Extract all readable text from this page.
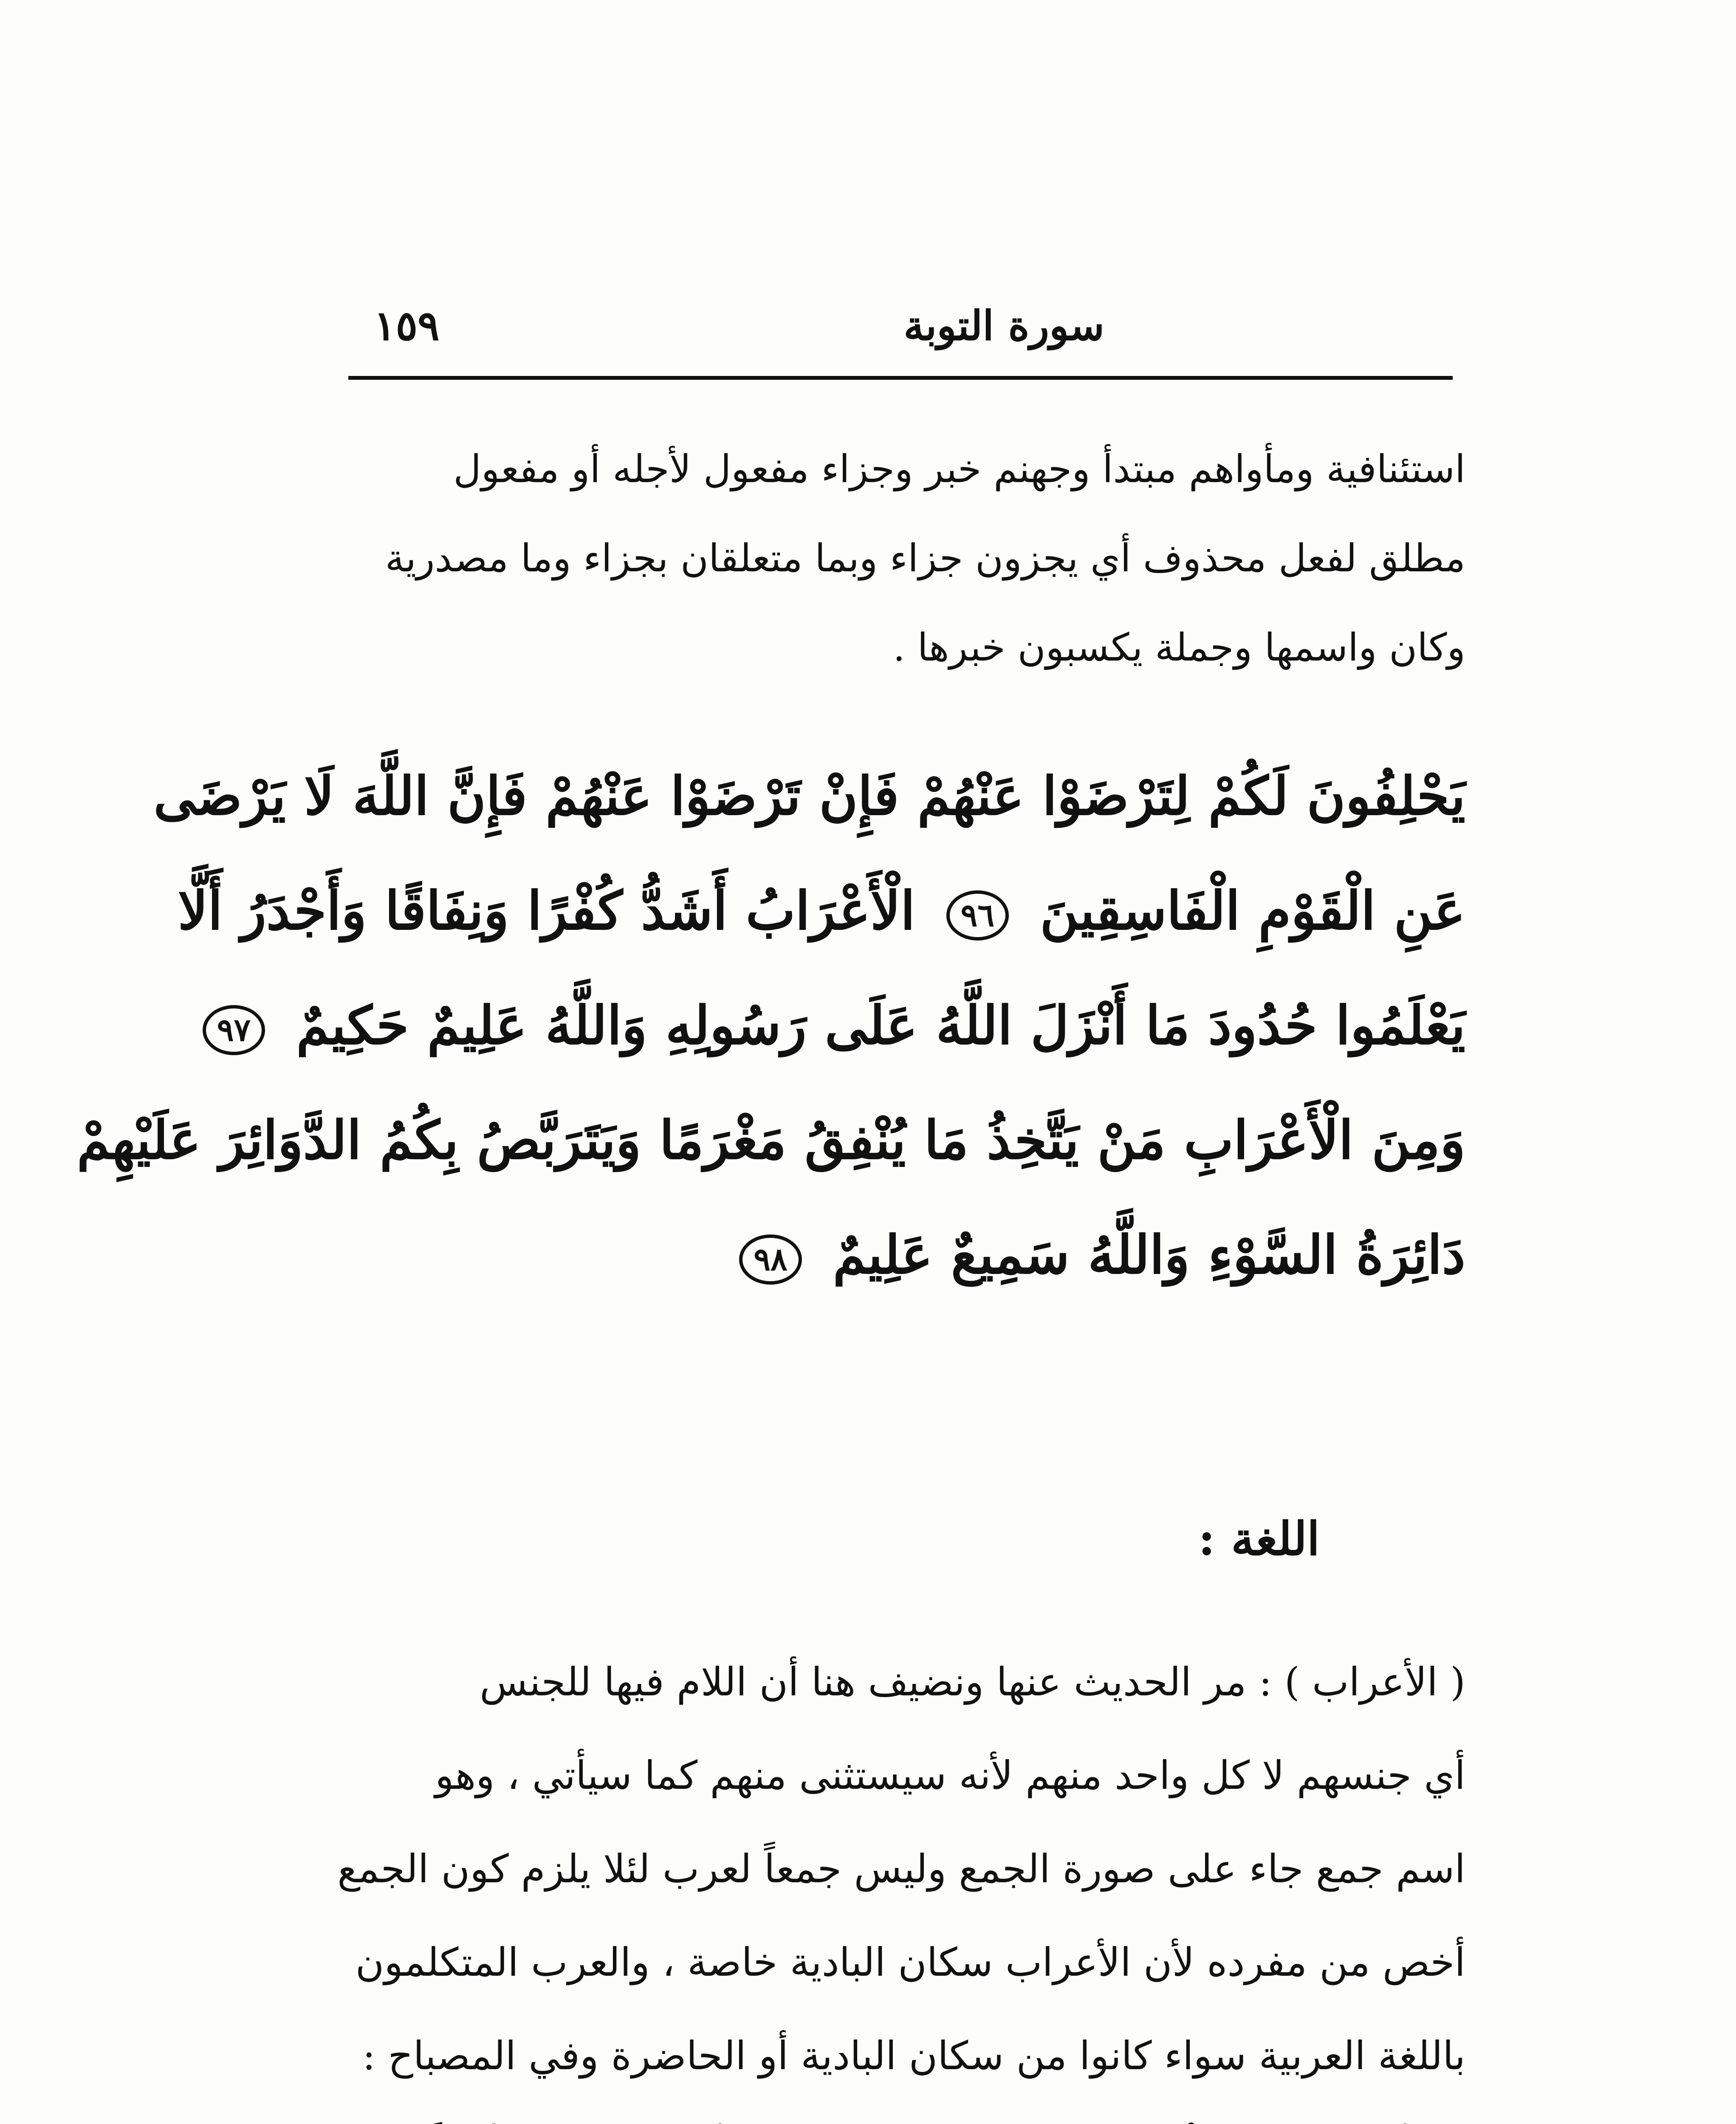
سورة التوبة
١٥٩
استئنافية ومأواهم مبتدأ وجهنم خبر وجزاء مفعول لأجله أو مفعول
مطلق لفعل محذوف أي يجزون جزاء وبما متعلقان بجزاء وما مصدرية
وكان واسمها وجملة يكسبون خبرها .
يَحْلِفُونَ لَكُمْ لِتَرْضَوْا عَنْهُمْ فَإِنْ تَرْضَوْا عَنْهُمْ فَإِنَّ اللَّهَ لَا يَرْضَى
عَنِ الْقَوْمِ الْفَاسِقِينَ ٩٦ الْأَعْرَابُ أَشَدُّ كُفْرًا وَنِفَاقًا وَأَجْدَرُ أَلَّا
يَعْلَمُوا حُدُودَ مَا أَنْزَلَ اللَّهُ عَلَى رَسُولِهِ وَاللَّهُ عَلِيمٌ حَكِيمٌ ٩٧
وَمِنَ الْأَعْرَابِ مَنْ يَتَّخِذُ مَا يُنْفِقُ مَغْرَمًا وَيَتَرَبَّصُ بِكُمُ الدَّوَائِرَ عَلَيْهِمْ
دَائِرَةُ السَّوْءِ وَاللَّهُ سَمِيعٌ عَلِيمٌ ٩٨
اللغة :
( الأعراب ) : مر الحديث عنها ونضيف هنا أن اللام فيها للجنس
أي جنسهم لا كل واحد منهم لأنه سيستثنى منهم كما سيأتي ، وهو
اسم جمع جاء على صورة الجمع وليس جمعاً لعرب لئلا يلزم كون الجمع
أخص من مفرده لأن الأعراب سكان البادية خاصة ، والعرب المتكلمون
باللغة العربية سواء كانوا من سكان البادية أو الحاضرة وفي المصباح :
